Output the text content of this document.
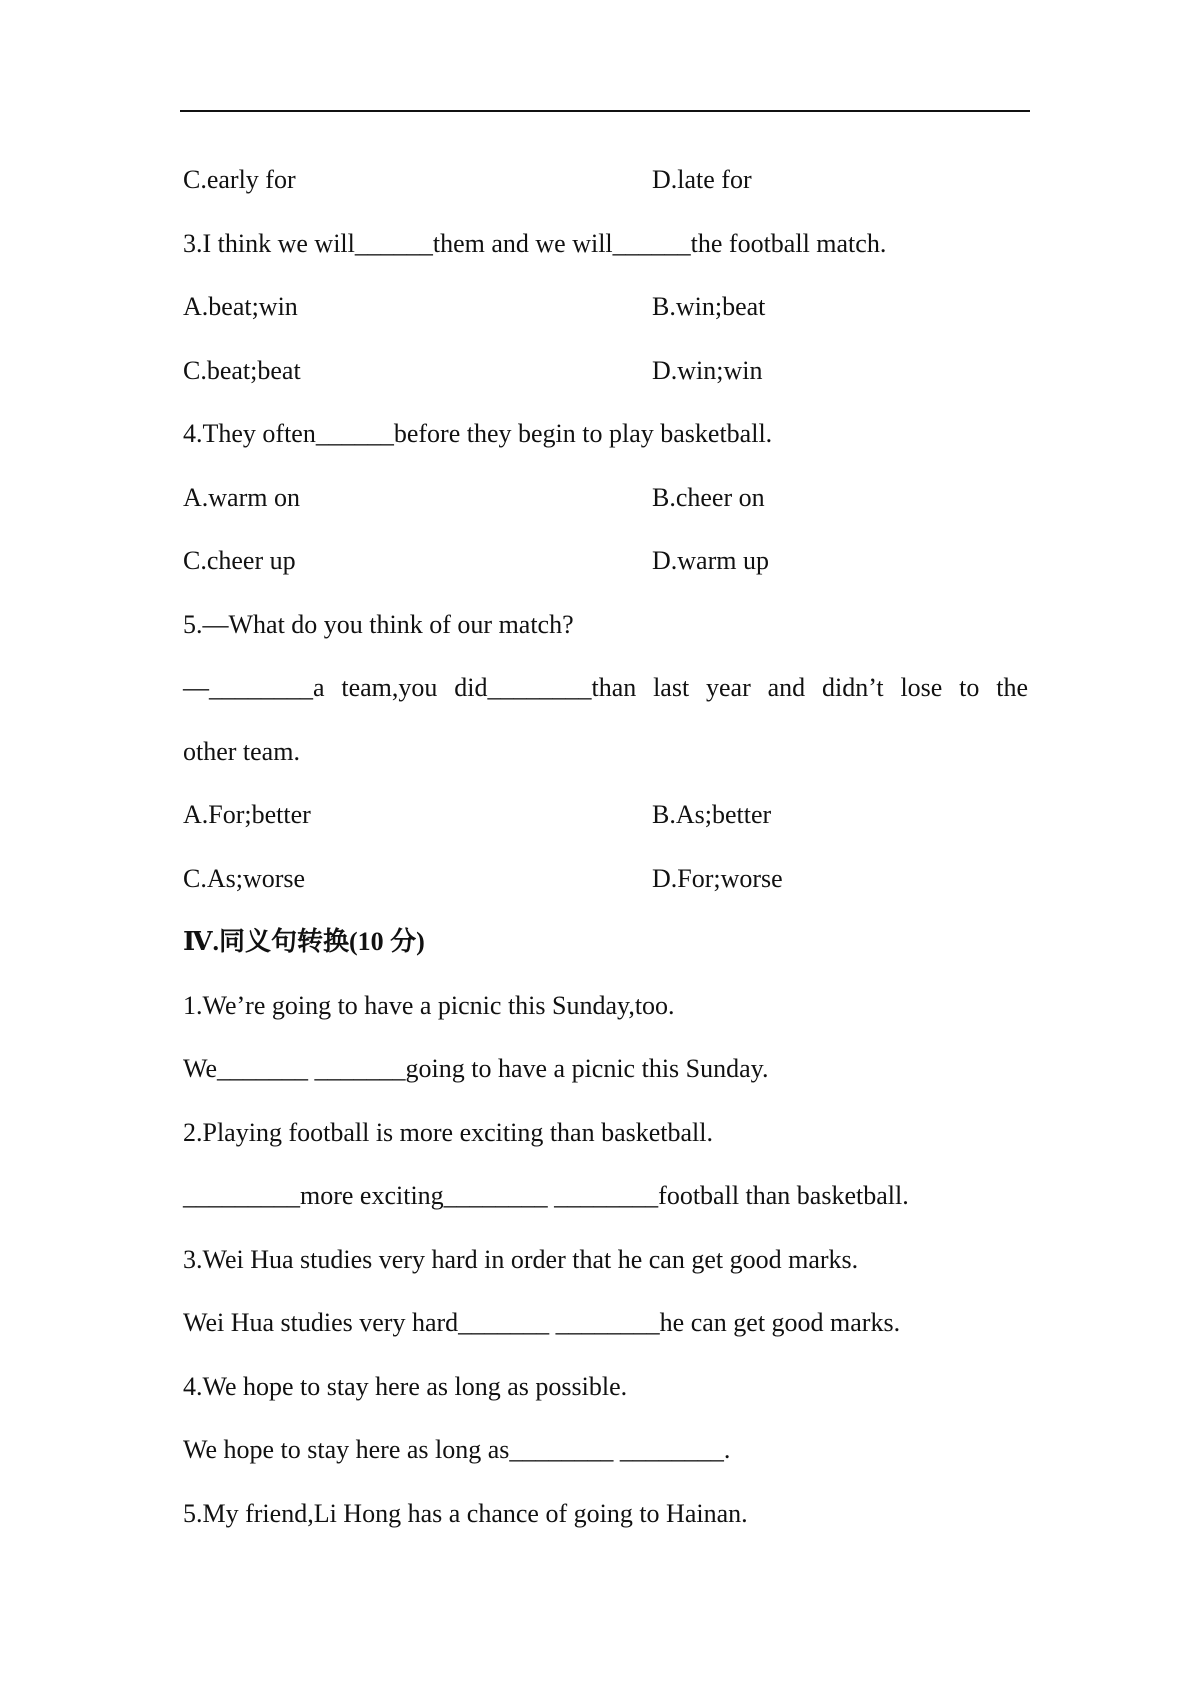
C.early for	D.late for
3.I think we will______them and we will______the football match.
A.beat;win	B.win;beat
C.beat;beat	D.win;win
4.They often______before they begin to play basketball.
A.warm on	B.cheer on
C.cheer up	D.warm up
5.—What do you think of our match?
—________a team,you did________than last year and didn’t lose to the
other team.
A.For;better	B.As;better
C.As;worse	D.For;worse
Ⅳ.同义句转换(10 分)
1.We’re going to have a picnic this Sunday,too.
We_______ _______going to have a picnic this Sunday.
2.Playing football is more exciting than basketball.
_________more exciting________ ________football than basketball.
3.Wei Hua studies very hard in order that he can get good marks.
Wei Hua studies very hard_______ ________he can get good marks.
4.We hope to stay here as long as possible.
We hope to stay here as long as________ ________.
5.My friend,Li Hong has a chance of going to Hainan.
